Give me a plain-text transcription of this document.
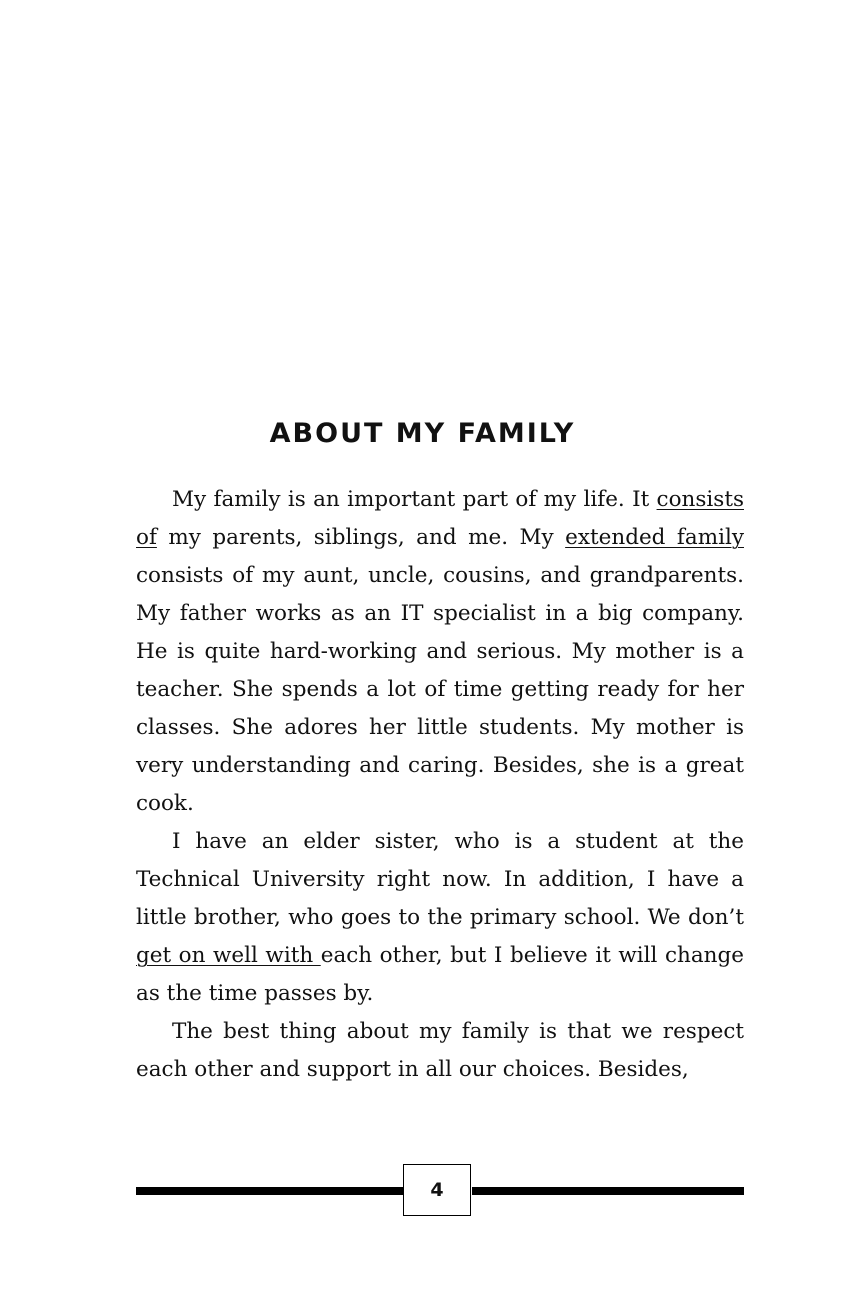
ABOUT MY FAMILY

My family is an important part of my life. It consists of my parents, siblings, and me. My extended family consists of my aunt, uncle, cousins, and grandparents. My father works as an IT specialist in a big company. He is quite hard-working and serious. My mother is a teacher. She spends a lot of time getting ready for her classes. She adores her little students. My mother is very understanding and caring. Besides, she is a great cook.

I have an elder sister, who is a student at the Technical University right now. In addition, I have a little brother, who goes to the primary school. We don’t get on well with each other, but I believe it will change as the time passes by.

The best thing about my family is that we respect each other and support in all our choices. Besides,

4
